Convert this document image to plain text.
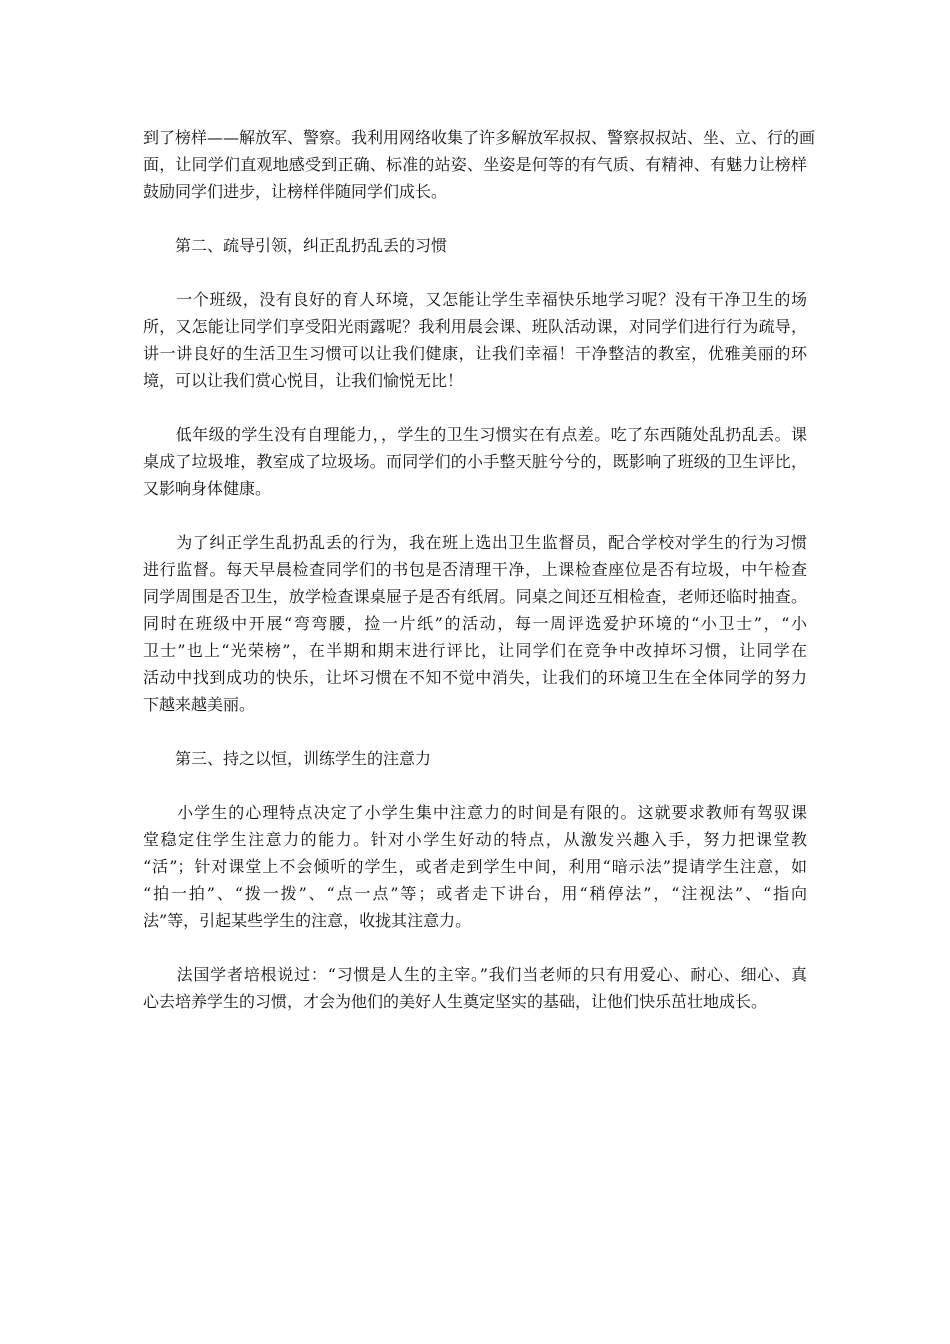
到了榜样——解放军、警察。我利用网络收集了许多解放军叔叔、警察叔叔站、坐、立、行的画
面，让同学们直观地感受到正确、标准的站姿、坐姿是何等的有气质、有精神、有魅力让榜样
鼓励同学们进步，让榜样伴随同学们成长。
　　第二、疏导引领，纠正乱扔乱丢的习惯
　　一个班级，没有良好的育人环境，又怎能让学生幸福快乐地学习呢？没有干净卫生的场
所，又怎能让同学们享受阳光雨露呢？我利用晨会课、班队活动课，对同学们进行行为疏导，
讲一讲良好的生活卫生习惯可以让我们健康，让我们幸福！干净整洁的教室，优雅美丽的环
境，可以让我们赏心悦目，让我们愉悦无比！
　　低年级的学生没有自理能力，，学生的卫生习惯实在有点差。吃了东西随处乱扔乱丢。课
桌成了垃圾堆，教室成了垃圾场。而同学们的小手整天脏兮兮的，既影响了班级的卫生评比，
又影响身体健康。
　　为了纠正学生乱扔乱丢的行为，我在班上选出卫生监督员，配合学校对学生的行为习惯
进行监督。每天早晨检查同学们的书包是否清理干净，上课检查座位是否有垃圾，中午检查
同学周围是否卫生，放学检查课桌屉子是否有纸屑。同桌之间还互相检查，老师还临时抽查。
同时在班级中开展“弯弯腰，捡一片纸”的活动，每一周评选爱护环境的“小卫士”，“小
卫士”也上“光荣榜”，在半期和期末进行评比，让同学们在竞争中改掉坏习惯，让同学在
活动中找到成功的快乐，让坏习惯在不知不觉中消失，让我们的环境卫生在全体同学的努力
下越来越美丽。
　　第三、持之以恒，训练学生的注意力
　　小学生的心理特点决定了小学生集中注意力的时间是有限的。这就要求教师有驾驭课
堂稳定住学生注意力的能力。针对小学生好动的特点，从激发兴趣入手，努力把课堂教
“活”；针对课堂上不会倾听的学生，或者走到学生中间，利用“暗示法”提请学生注意，如
“拍一拍”、“拨一拨”、“点一点”等；或者走下讲台，用“稍停法”，“注视法”、“指向
法”等，引起某些学生的注意，收拢其注意力。
　　法国学者培根说过：“习惯是人生的主宰。”我们当老师的只有用爱心、耐心、细心、真
心去培养学生的习惯，才会为他们的美好人生奠定坚实的基础，让他们快乐茁壮地成长。
